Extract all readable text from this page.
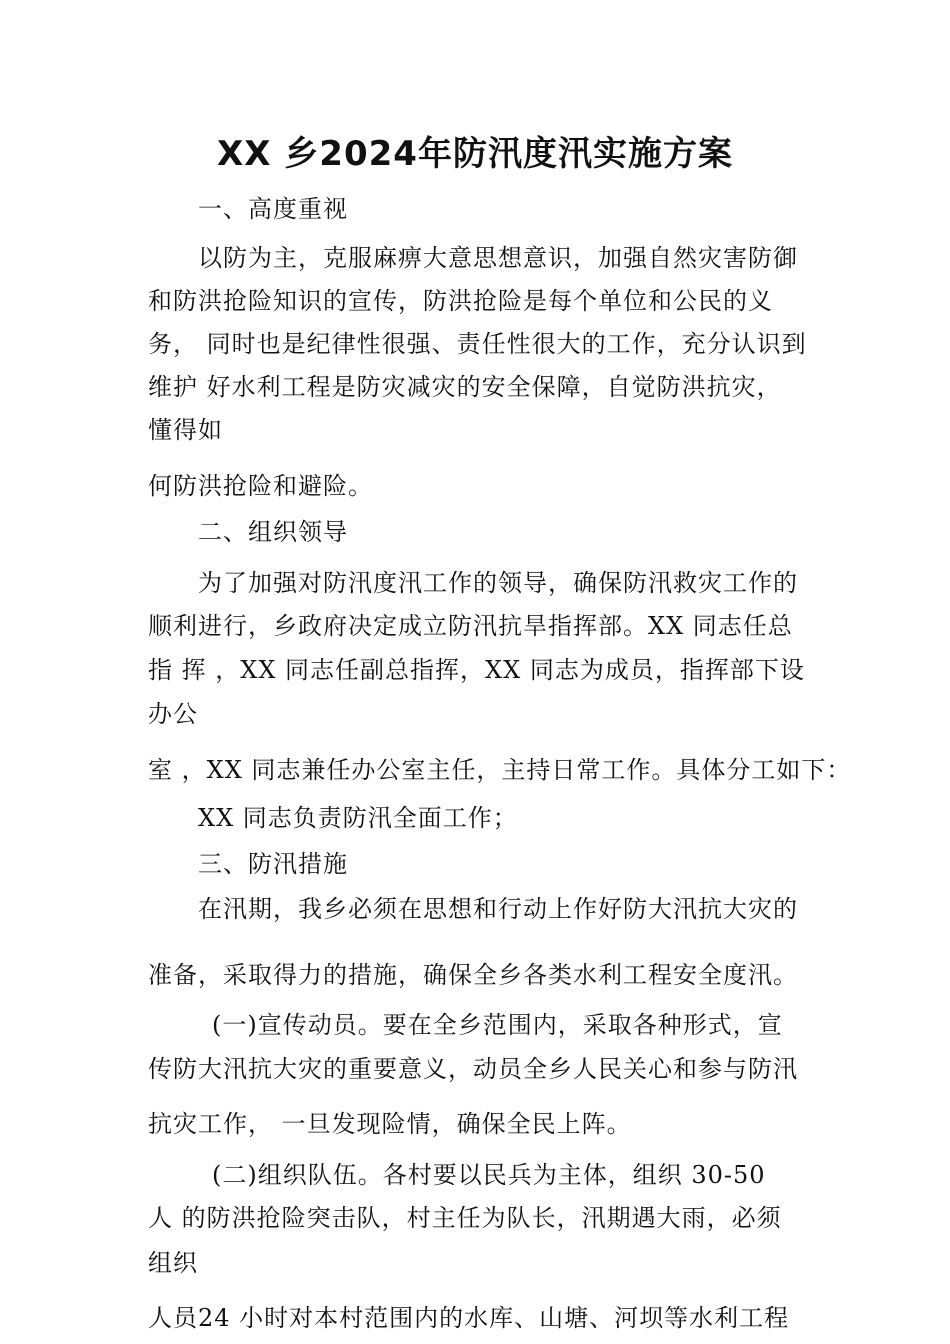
XX 乡2024年防汛度汛实施方案
一、高度重视
以防为主，克服麻痹大意思想意识，加强自然灾害防御
和防洪抢险知识的宣传，防洪抢险是每个单位和公民的义
务， 同时也是纪律性很强、责任性很大的工作，充分认识到
维护 好水利工程是防灾减灾的安全保障，自觉防洪抗灾，
懂得如
何防洪抢险和避险。
二、组织领导
为了加强对防汛度汛工作的领导，确保防汛救灾工作的
顺利进行，乡政府决定成立防汛抗旱指挥部。XX 同志任总
指 挥 ，XX 同志任副总指挥，XX 同志为成员，指挥部下设
办公
室 ，XX 同志兼任办公室主任，主持日常工作。具体分工如下：
XX 同志负责防汛全面工作；
三、防汛措施
在汛期，我乡必须在思想和行动上作好防大汛抗大灾的
准备，采取得力的措施，确保全乡各类水利工程安全度汛。
(一)宣传动员。要在全乡范围内，采取各种形式，宣
传防大汛抗大灾的重要意义，动员全乡人民关心和参与防汛
抗灾工作， 一旦发现险情，确保全民上阵。
(二)组织队伍。各村要以民兵为主体，组织 30-50
人 的防洪抢险突击队，村主任为队长，汛期遇大雨，必须
组织
人员24 小时对本村范围内的水库、山塘、河坝等水利工程
